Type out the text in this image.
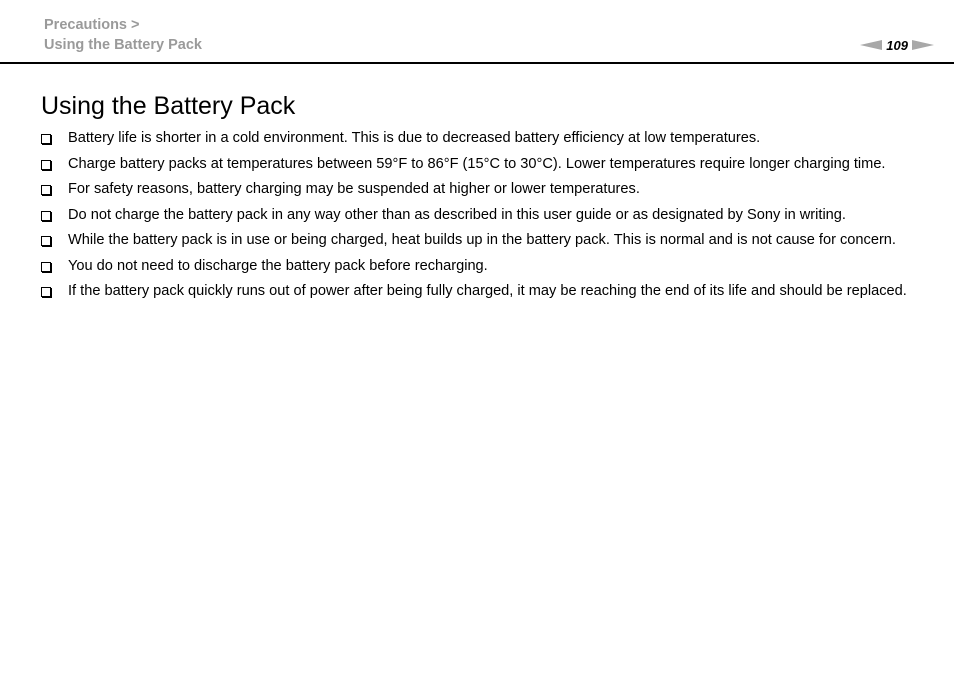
Precautions >
Using the Battery Pack	109
Using the Battery Pack
Battery life is shorter in a cold environment. This is due to decreased battery efficiency at low temperatures.
Charge battery packs at temperatures between 59°F to 86°F (15°C to 30°C). Lower temperatures require longer charging time.
For safety reasons, battery charging may be suspended at higher or lower temperatures.
Do not charge the battery pack in any way other than as described in this user guide or as designated by Sony in writing.
While the battery pack is in use or being charged, heat builds up in the battery pack. This is normal and is not cause for concern.
You do not need to discharge the battery pack before recharging.
If the battery pack quickly runs out of power after being fully charged, it may be reaching the end of its life and should be replaced.
